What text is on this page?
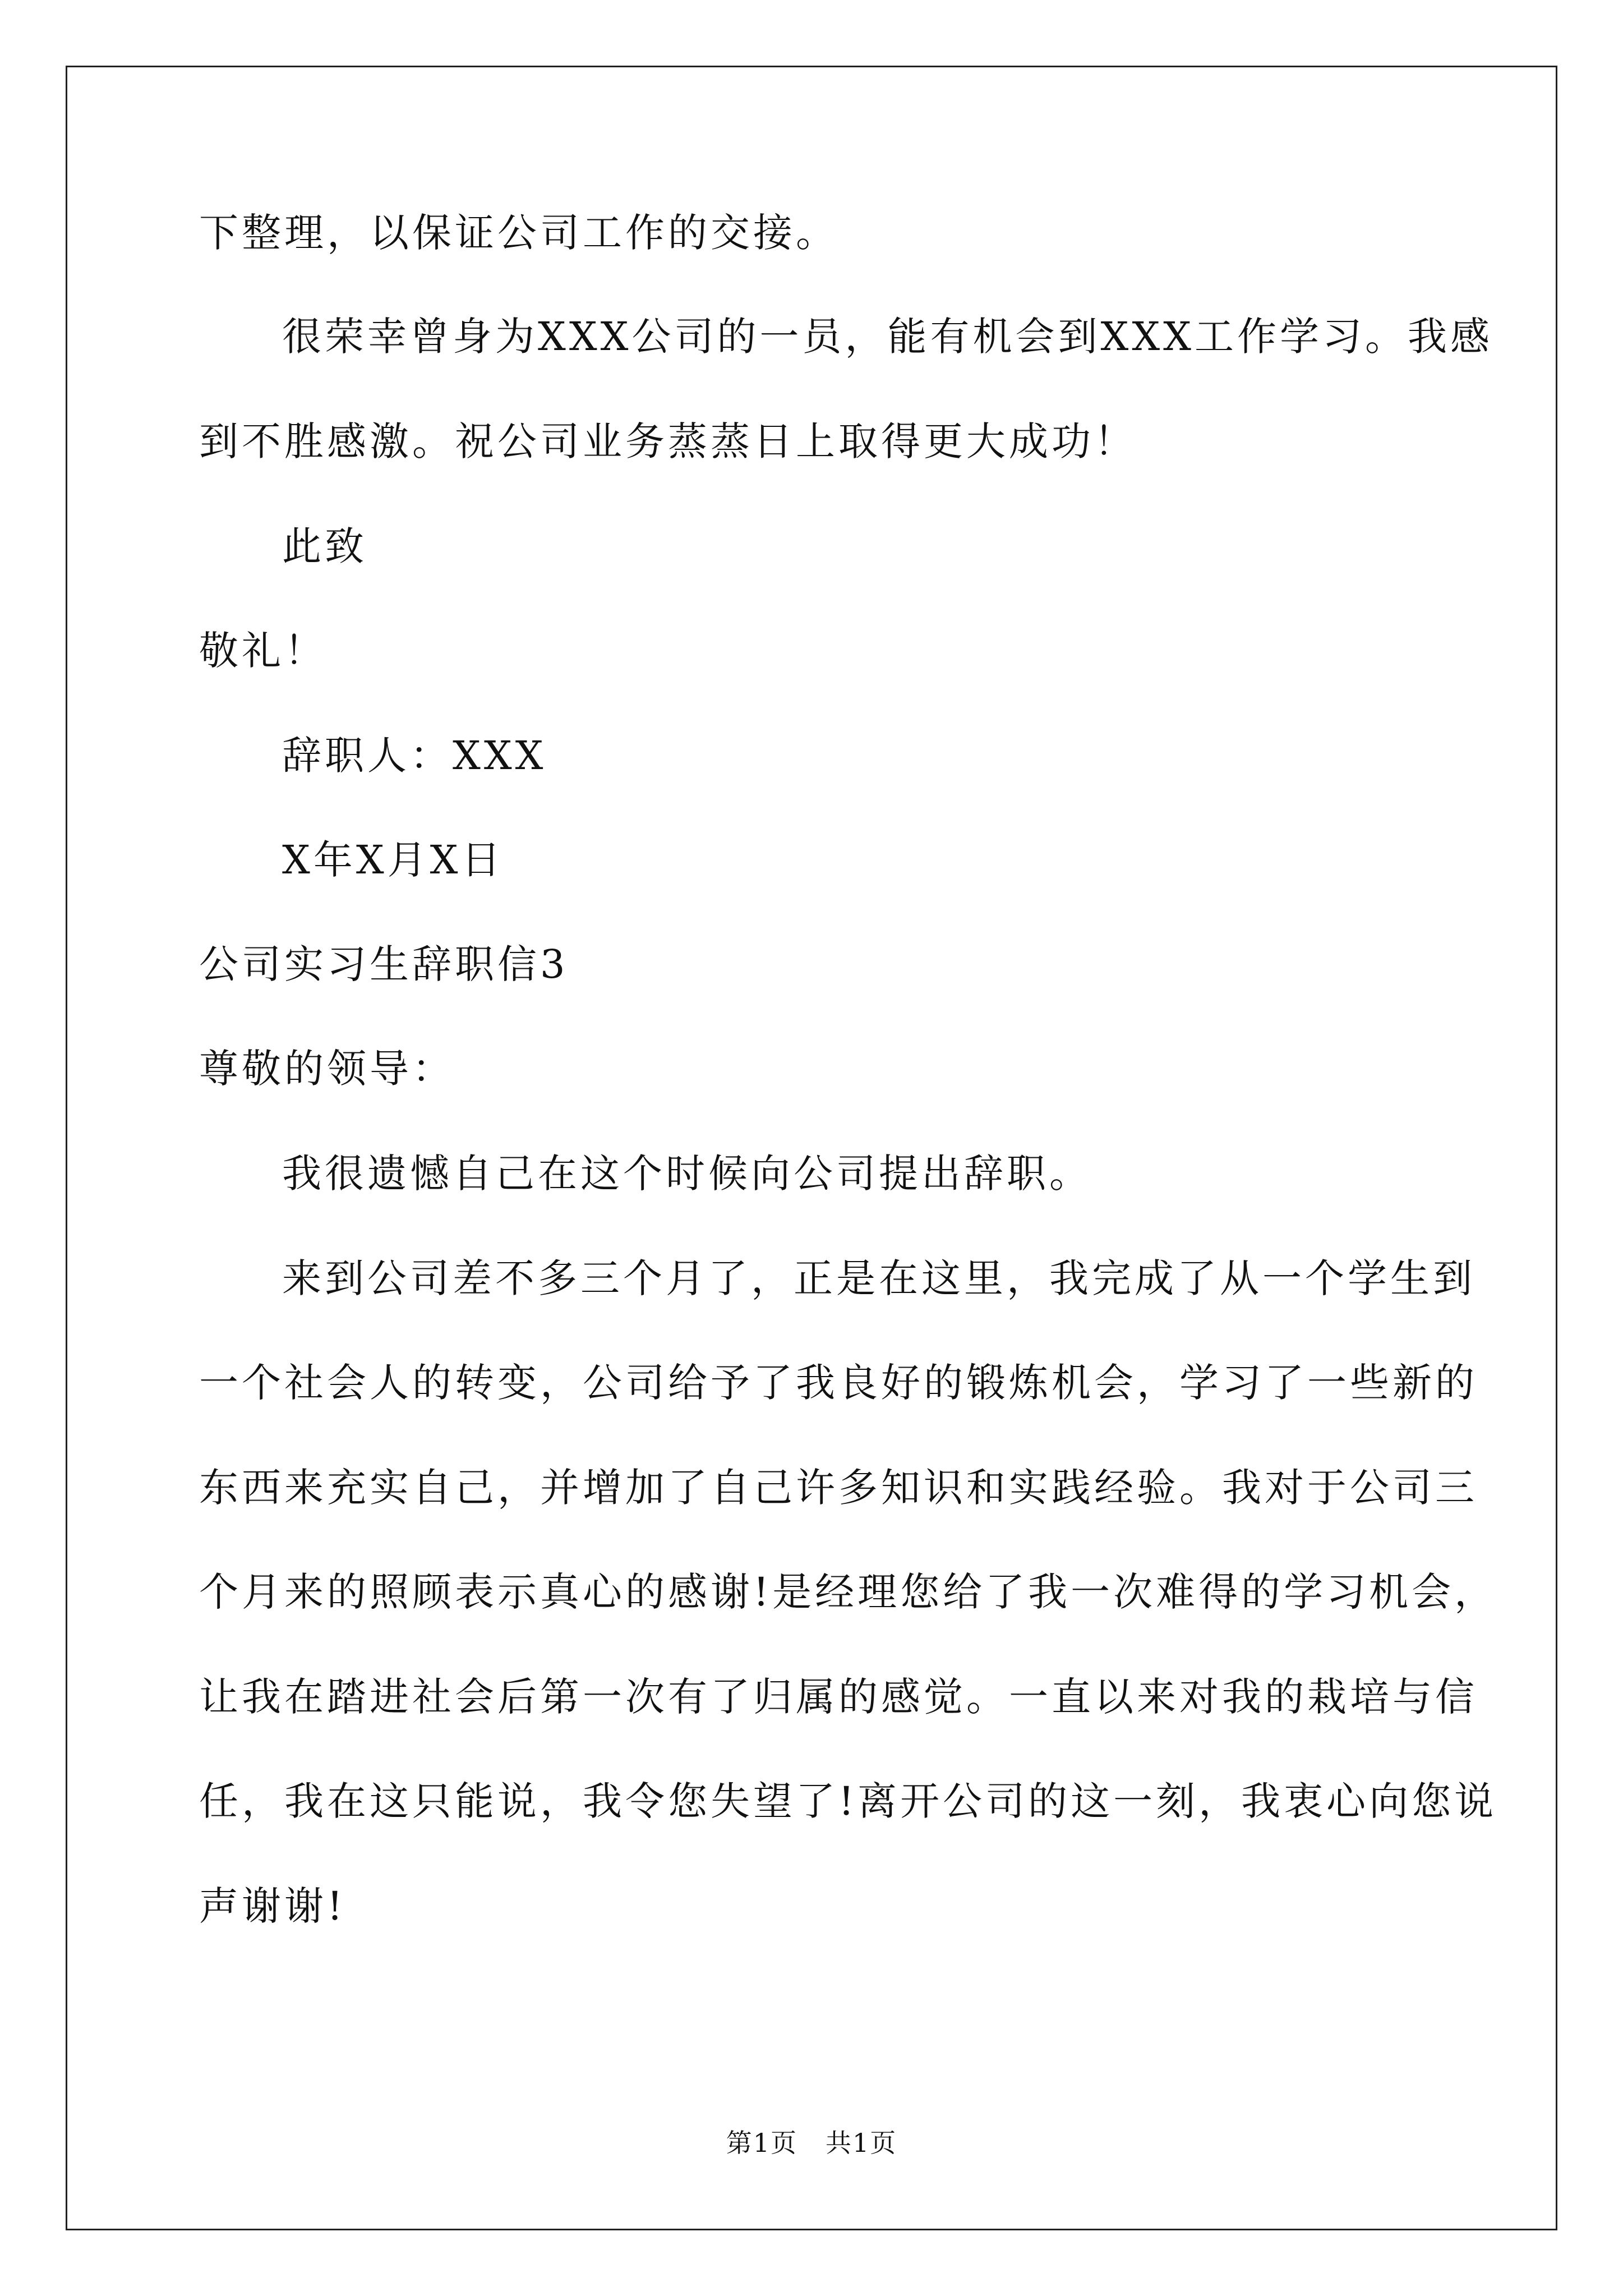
下整理，以保证公司工作的交接。
很荣幸曾身为XXX公司的一员，能有机会到XXX工作学习。我感
到不胜感激。祝公司业务蒸蒸日上取得更大成功！
此致
敬礼！
辞职人：XXX
X年X月X日
公司实习生辞职信3
尊敬的领导：
我很遗憾自己在这个时候向公司提出辞职。
来到公司差不多三个月了，正是在这里，我完成了从一个学生到
一个社会人的转变，公司给予了我良好的锻炼机会，学习了一些新的
东西来充实自己，并增加了自己许多知识和实践经验。我对于公司三
个月来的照顾表示真心的感谢!是经理您给了我一次难得的学习机会，
让我在踏进社会后第一次有了归属的感觉。一直以来对我的栽培与信
任，我在这只能说，我令您失望了!离开公司的这一刻，我衷心向您说
声谢谢!
第1页 共1页
